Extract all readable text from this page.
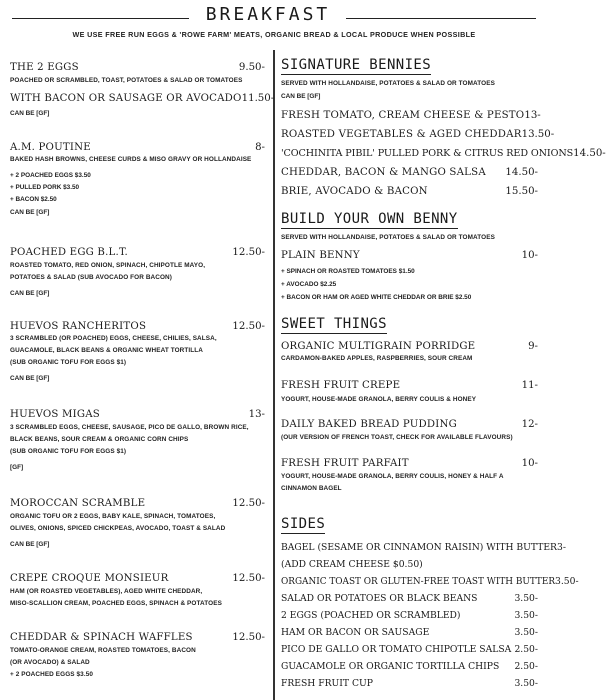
BREAKFAST
WE USE FREE RUN EGGS & 'ROWE FARM' MEATS, ORGANIC BREAD & LOCAL PRODUCE WHEN POSSIBLE
THE 2 EGGS	9.50-
POACHED OR SCRAMBLED, TOAST, POTATOES & SALAD OR TOMATOES
WITH BACON OR SAUSAGE OR AVOCADO 11.50-
CAN BE [GF]
A.M. POUTINE	8-
BAKED HASH BROWNS, CHEESE CURDS & MISO GRAVY OR HOLLANDAISE
+ 2 POACHED EGGS $3.50
+ PULLED PORK $3.50
+ BACON $2.50
CAN BE [GF]
POACHED EGG B.L.T.	12.50-
ROASTED TOMATO, RED ONION, SPINACH, CHIPOTLE MAYO,
POTATOES & SALAD (SUB AVOCADO FOR BACON)
CAN BE [GF]
HUEVOS RANCHERITOS	12.50-
3 SCRAMBLED (OR POACHED) EGGS, CHEESE, CHILIES, SALSA,
GUACAMOLE, BLACK BEANS & ORGANIC WHEAT TORTILLA
(SUB ORGANIC TOFU FOR EGGS $1)
CAN BE [GF]
HUEVOS MIGAS	13-
3 SCRAMBLED EGGS, CHEESE, SAUSAGE, PICO DE GALLO, BROWN RICE,
BLACK BEANS, SOUR CREAM & ORGANIC CORN CHIPS
(SUB ORGANIC TOFU FOR EGGS $1)
[GF]
MOROCCAN SCRAMBLE	12.50-
ORGANIC TOFU OR 2 EGGS, BABY KALE, SPINACH, TOMATOES,
OLIVES, ONIONS, SPICED CHICKPEAS, AVOCADO, TOAST & SALAD
CAN BE [GF]
CREPE CROQUE MONSIEUR	12.50-
HAM (OR ROASTED VEGETABLES), AGED WHITE CHEDDAR,
MISO-SCALLION CREAM, POACHED EGGS, SPINACH & POTATOES
CHEDDAR & SPINACH WAFFLES	12.50-
TOMATO-ORANGE CREAM, ROASTED TOMATOES, BACON
(OR AVOCADO) & SALAD
+ 2 POACHED EGGS $3.50
SIGNATURE BENNIES
SERVED WITH HOLLANDAISE, POTATOES & SALAD OR TOMATOES
CAN BE [GF]
FRESH TOMATO, CREAM CHEESE & PESTO 13-
ROASTED VEGETABLES & AGED CHEDDAR 13.50-
'COCHINITA PIBIL' PULLED PORK & CITRUS RED ONIONS 14.50-
CHEDDAR, BACON & MANGO SALSA 14.50-
BRIE, AVOCADO & BACON	15.50-
BUILD YOUR OWN BENNY
SERVED WITH HOLLANDAISE, POTATOES & SALAD OR TOMATOES
PLAIN BENNY	10-
+ SPINACH OR ROASTED TOMATOES $1.50
+ AVOCADO $2.25
+ BACON OR HAM OR AGED WHITE CHEDDAR OR BRIE $2.50
SWEET THINGS
ORGANIC MULTIGRAIN PORRIDGE	9-
CARDAMON-BAKED APPLES, RASPBERRIES, SOUR CREAM
FRESH FRUIT CREPE	11-
YOGURT, HOUSE-MADE GRANOLA, BERRY COULIS & HONEY
DAILY BAKED BREAD PUDDING	12-
(OUR VERSION OF FRENCH TOAST, CHECK FOR AVAILABLE FLAVOURS)
FRESH FRUIT PARFAIT	10-
YOGURT, HOUSE-MADE GRANOLA, BERRY COULIS, HONEY & HALF A
CINNAMON BAGEL
SIDES
BAGEL (SESAME OR CINNAMON RAISIN) WITH BUTTER 3-
(ADD CREAM CHEESE $0.50)
ORGANIC TOAST OR GLUTEN-FREE TOAST WITH BUTTER 3.50-
SALAD OR POTATOES OR BLACK BEANS	3.50-
2 EGGS (POACHED OR SCRAMBLED)	3.50-
HAM OR BACON OR SAUSAGE	3.50-
PICO DE GALLO OR TOMATO CHIPOTLE SALSA 2.50-
GUACAMOLE OR ORGANIC TORTILLA CHIPS 2.50-
FRESH FRUIT CUP	3.50-
